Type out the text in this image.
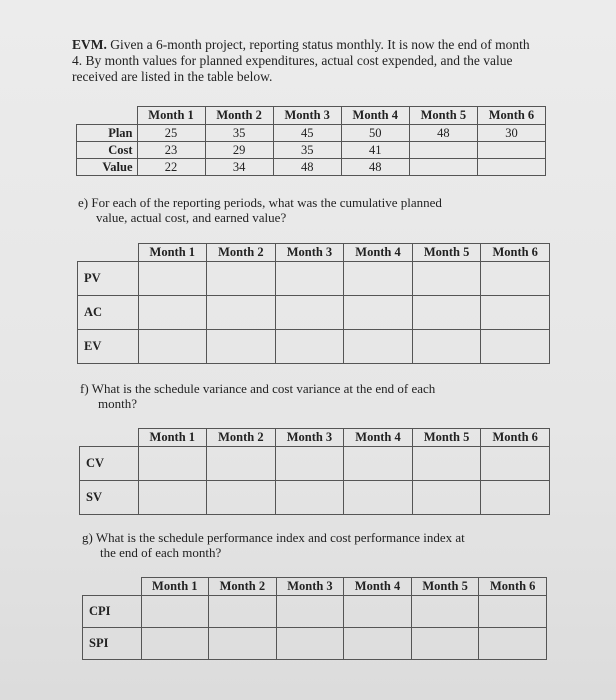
EVM. Given a 6-month project, reporting status monthly. It is now the end of month 4. By month values for planned expenditures, actual cost expended, and the value received are listed in the table below.
	Month 1	Month 2	Month 3	Month 4	Month 5	Month 6
Plan	25	35	45	50	48	30
Cost	23	29	35	41		
Value	22	34	48	48		
e) For each of the reporting periods, what was the cumulative planned
value, actual cost, and earned value?
	Month 1	Month 2	Month 3	Month 4	Month 5	Month 6
PV						
AC						
EV						
f) What is the schedule variance and cost variance at the end of each
month?
	Month 1	Month 2	Month 3	Month 4	Month 5	Month 6
CV						
SV						
g) What is the schedule performance index and cost performance index at
the end of each month?
	Month 1	Month 2	Month 3	Month 4	Month 5	Month 6
CPI						
SPI						
